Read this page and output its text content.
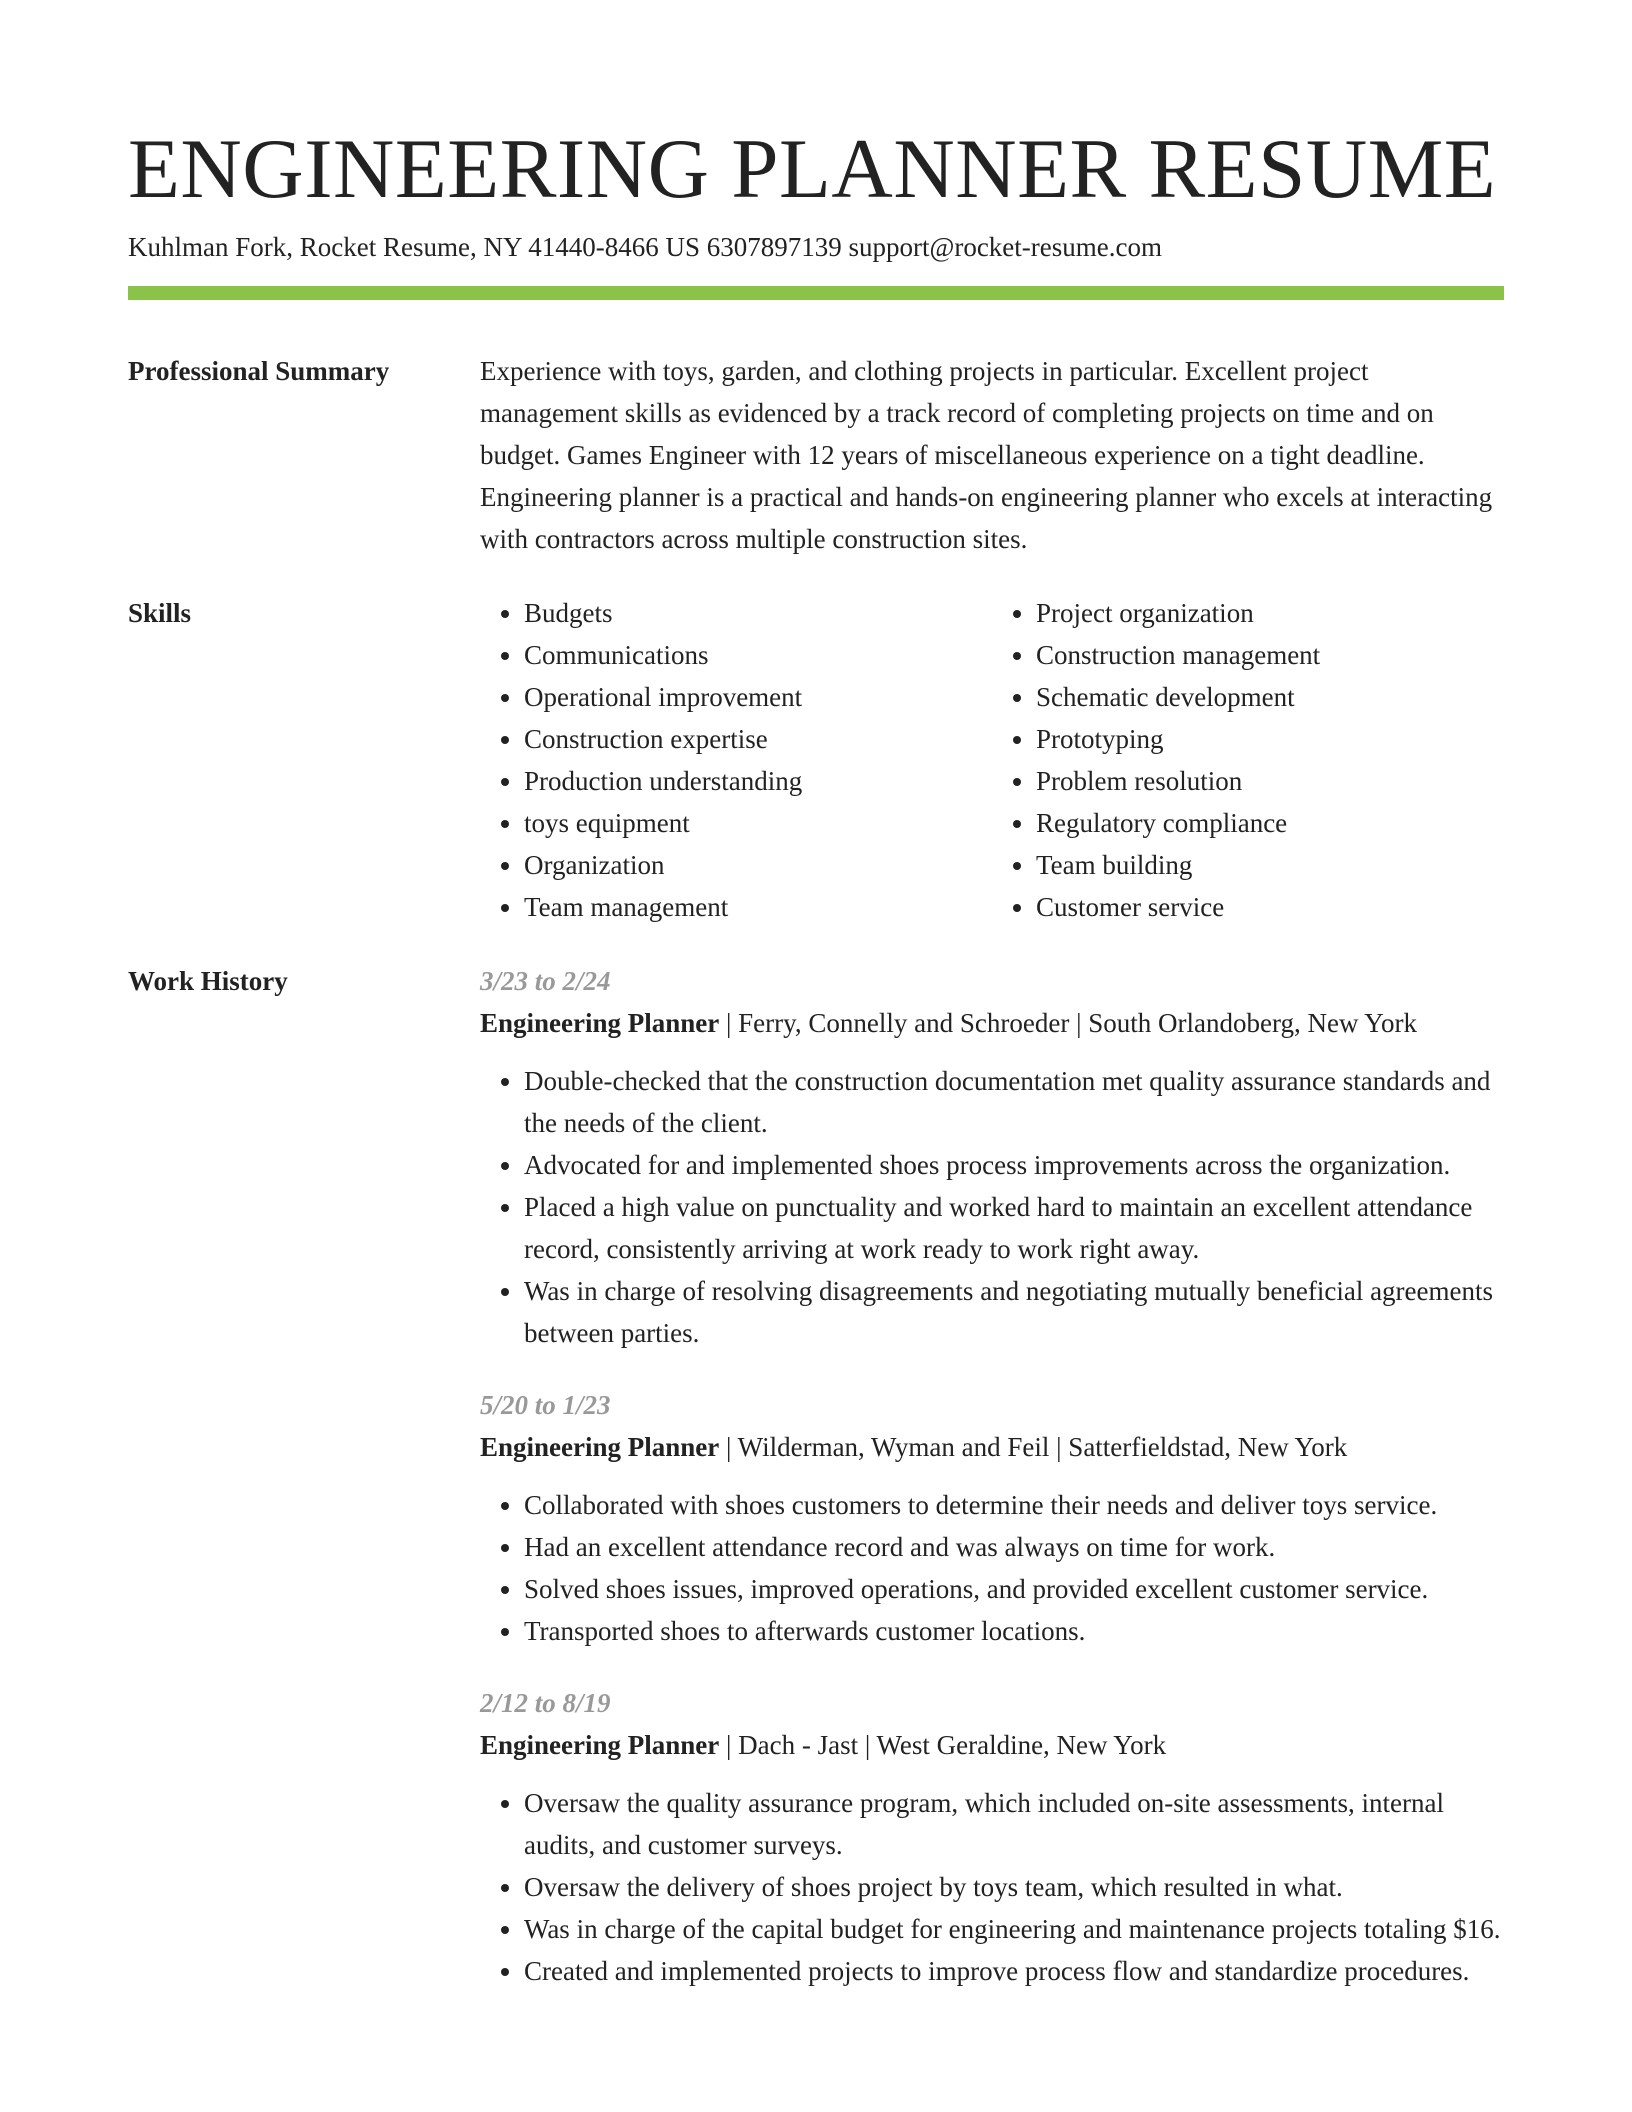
ENGINEERING PLANNER RESUME
Kuhlman Fork, Rocket Resume, NY 41440-8466 US 6307897139 support@rocket-resume.com
Professional Summary	Experience with toys, garden, and clothing projects in particular. Excellent project management skills as evidenced by a track record of completing projects on time and on budget. Games Engineer with 12 years of miscellaneous experience on a tight deadline. Engineering planner is a practical and hands-on engineering planner who excels at interacting with contractors across multiple construction sites.

Skills
•	Budgets
• Communications
• Operational improvement
• Construction expertise
• Production understanding
• toys equipment
• Organization
• Team management
• Project organization
• Construction management
• Schematic development
• Prototyping
• Problem resolution
• Regulatory compliance
• Team building
• Customer service
Work History	3/23 to 2/24
Engineering Planner | Ferry, Connelly and Schroeder | South Orlandoberg, New York
• Double-checked that the construction documentation met quality assurance standards and the needs of the client.
• Advocated for and implemented shoes process improvements across the organization.
• Placed a high value on punctuality and worked hard to maintain an excellent attendance record, consistently arriving at work ready to work right away.
• Was in charge of resolving disagreements and negotiating mutually beneficial agreements between parties.
5/20 to 1/23
Engineering Planner | Wilderman, Wyman and Feil | Satterfieldstad, New York
• Collaborated with shoes customers to determine their needs and deliver toys service.
• Had an excellent attendance record and was always on time for work.
• Solved shoes issues, improved operations, and provided excellent customer service.
• Transported shoes to afterwards customer locations.
2/12 to 8/19
Engineering Planner | Dach - Jast | West Geraldine, New York
• Oversaw the quality assurance program, which included on-site assessments, internal audits, and customer surveys.
• Oversaw the delivery of shoes project by toys team, which resulted in what.
• Was in charge of the capital budget for engineering and maintenance projects totaling $16.
• Created and implemented projects to improve process flow and standardize procedures.
